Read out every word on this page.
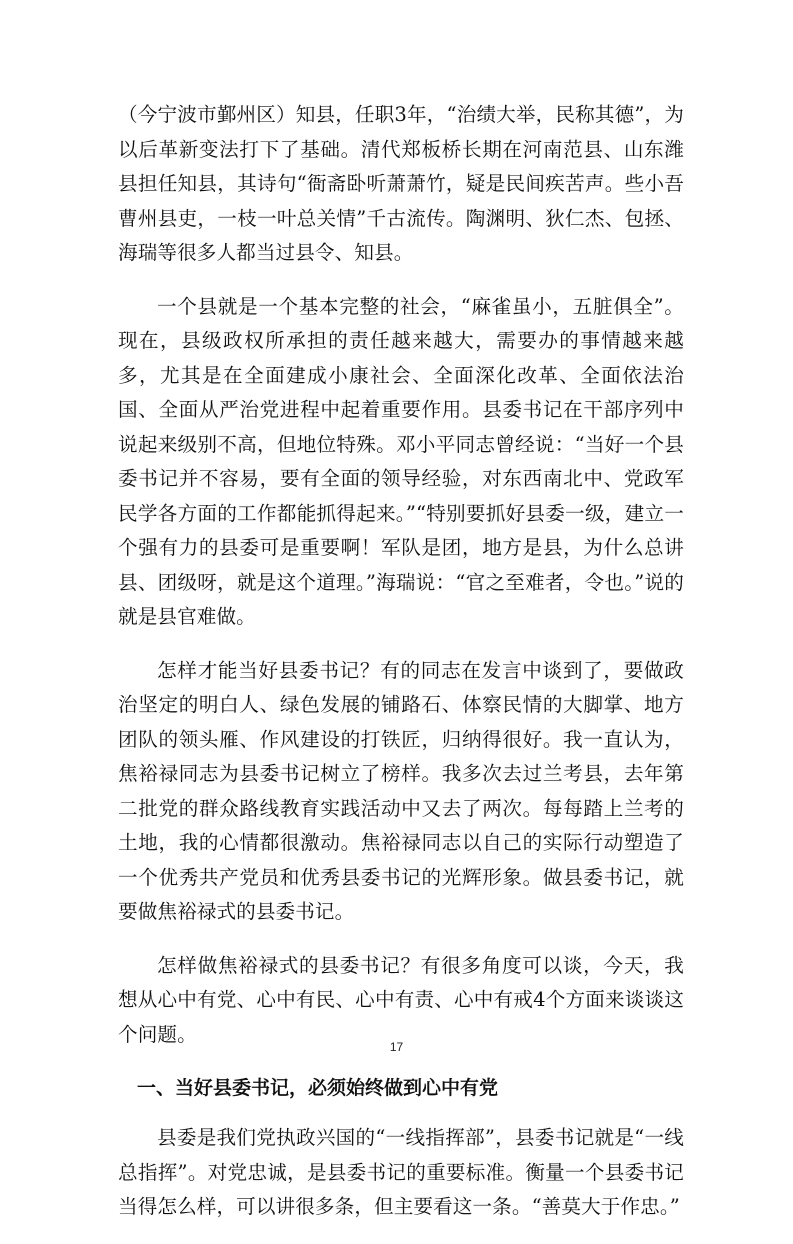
（今宁波市鄞州区）知县，任职3年，“治绩大举，民称其德”，为以后革新变法打下了基础。清代郑板桥长期在河南范县、山东潍县担任知县，其诗句“衙斋卧听萧萧竹，疑是民间疾苦声。些小吾曹州县吏，一枝一叶总关情”千古流传。陶渊明、狄仁杰、包拯、海瑞等很多人都当过县令、知县。

一个县就是一个基本完整的社会，“麻雀虽小，五脏俱全”。现在，县级政权所承担的责任越来越大，需要办的事情越来越多，尤其是在全面建成小康社会、全面深化改革、全面依法治国、全面从严治党进程中起着重要作用。县委书记在干部序列中说起来级别不高，但地位特殊。邓小平同志曾经说：“当好一个县委书记并不容易，要有全面的领导经验，对东西南北中、党政军民学各方面的工作都能抓得起来。”“特别要抓好县委一级，建立一个强有力的县委可是重要啊！军队是团，地方是县，为什么总讲县、团级呀，就是这个道理。”海瑞说：“官之至难者，令也。”说的就是县官难做。

怎样才能当好县委书记？有的同志在发言中谈到了，要做政治坚定的明白人、绿色发展的铺路石、体察民情的大脚掌、地方团队的领头雁、作风建设的打铁匠，归纳得很好。我一直认为，焦裕禄同志为县委书记树立了榜样。我多次去过兰考县，去年第二批党的群众路线教育实践活动中又去了两次。每每踏上兰考的土地，我的心情都很激动。焦裕禄同志以自己的实际行动塑造了一个优秀共产党员和优秀县委书记的光辉形象。做县委书记，就要做焦裕禄式的县委书记。

怎样做焦裕禄式的县委书记？有很多角度可以谈，今天，我想从心中有党、心中有民、心中有责、心中有戒4个方面来谈谈这个问题。

一、当好县委书记，必须始终做到心中有党

县委是我们党执政兴国的“一线指挥部”，县委书记就是“一线总指挥”。对党忠诚，是县委书记的重要标准。衡量一个县委书记当得怎么样，可以讲很多条，但主要看这一条。“善莫大于作忠。”

17
